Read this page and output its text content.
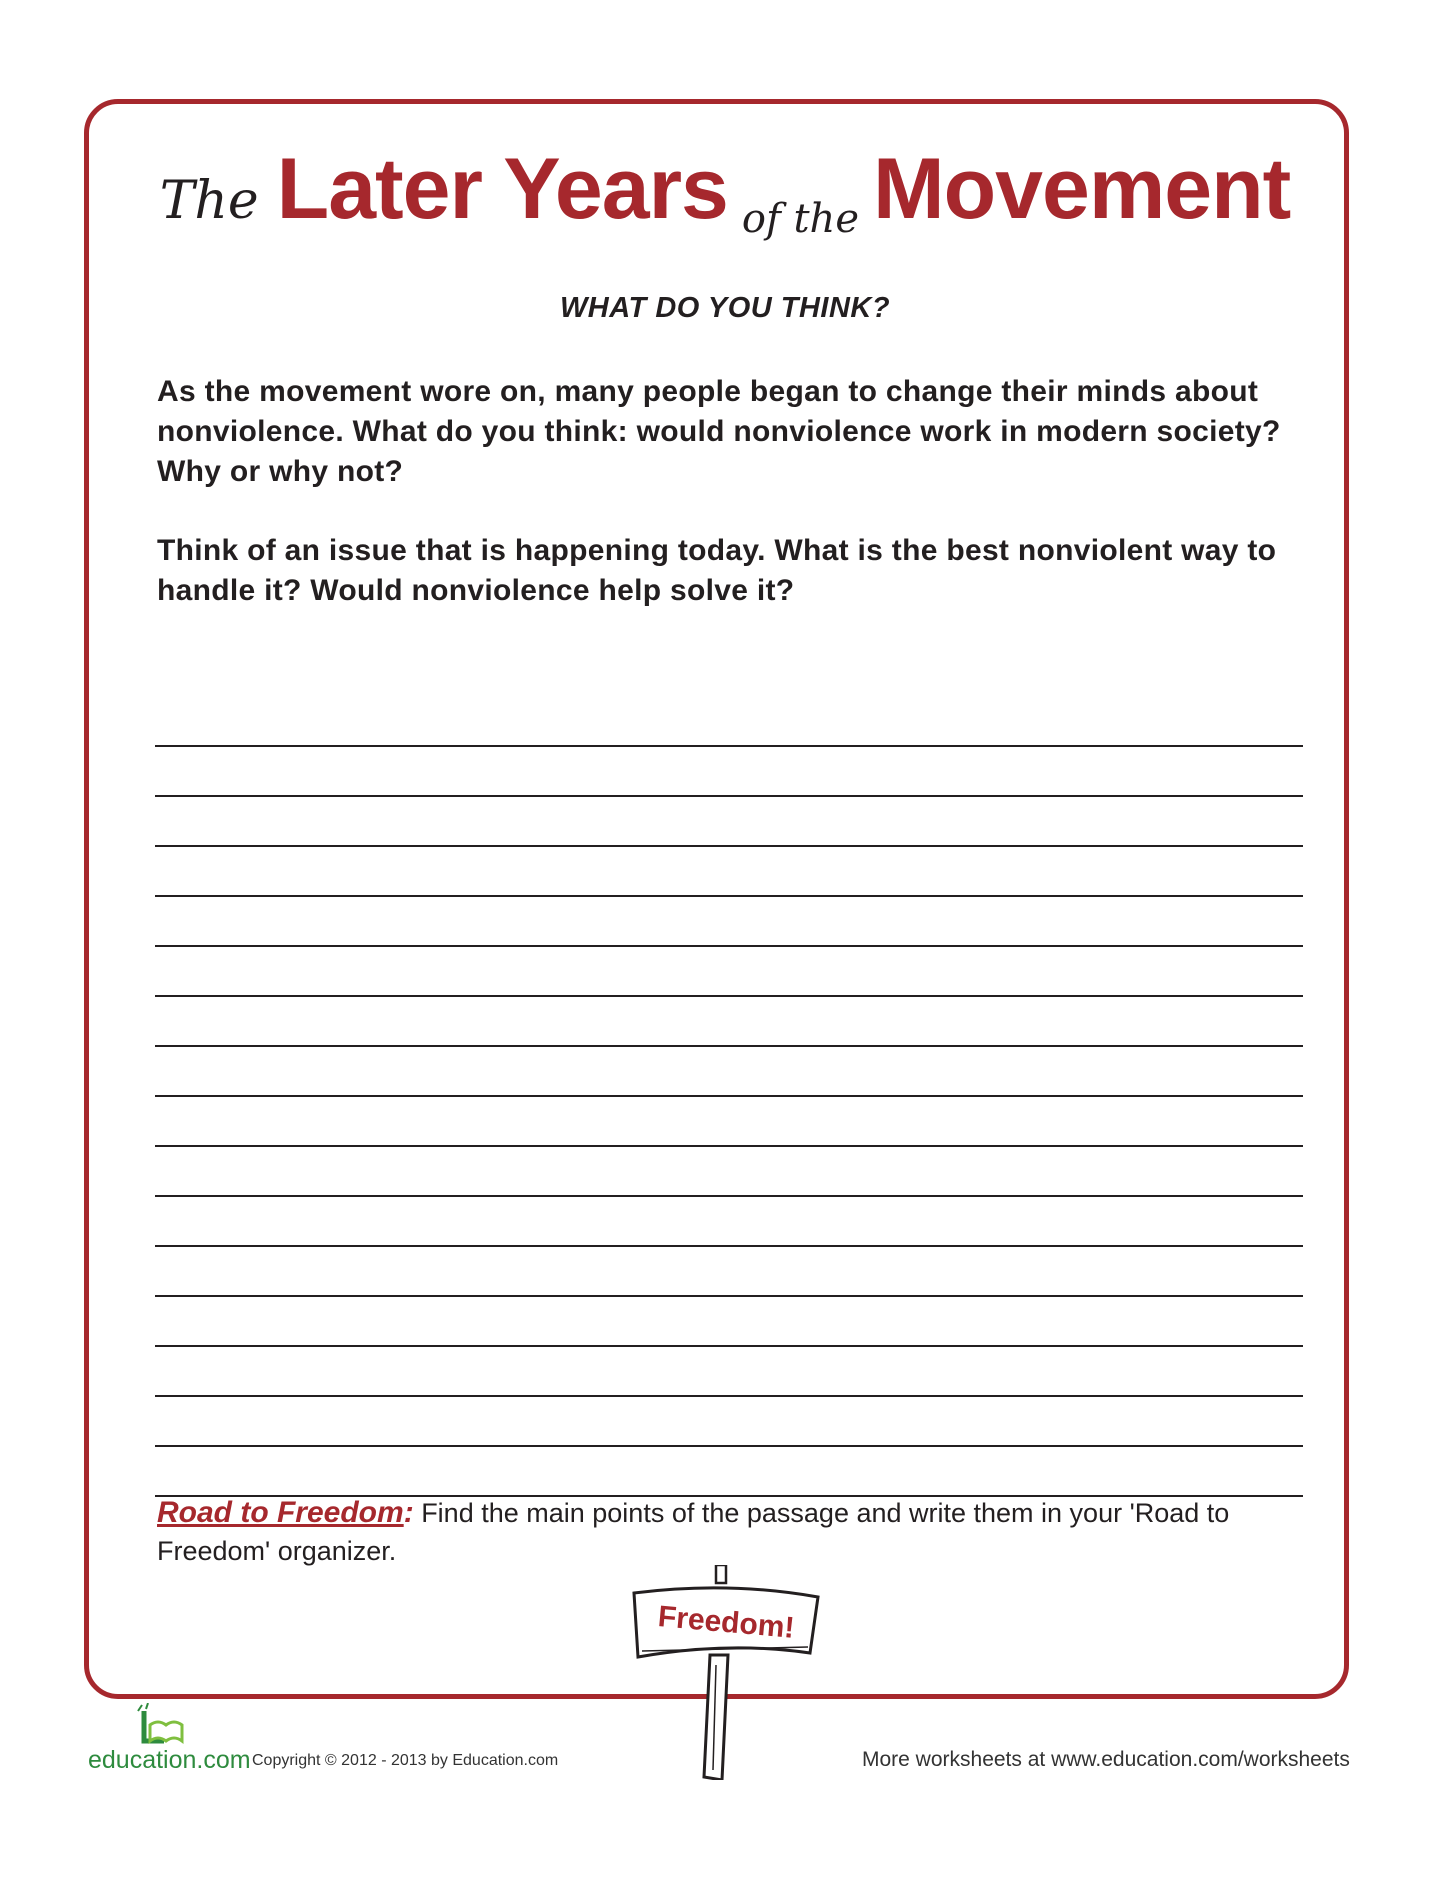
The Later Years of the Movement
WHAT DO YOU THINK?
As the movement wore on, many people began to change their minds about nonviolence. What do you think: would nonviolence work in modern society? Why or why not?
Think of an issue that is happening today. What is the best nonviolent way to handle it? Would nonviolence help solve it?
Road to Freedom: Find the main points of the passage and write them in your 'Road to Freedom' organizer.
Freedom!
education.com Copyright © 2012 - 2013 by Education.com	More worksheets at www.education.com/worksheets
